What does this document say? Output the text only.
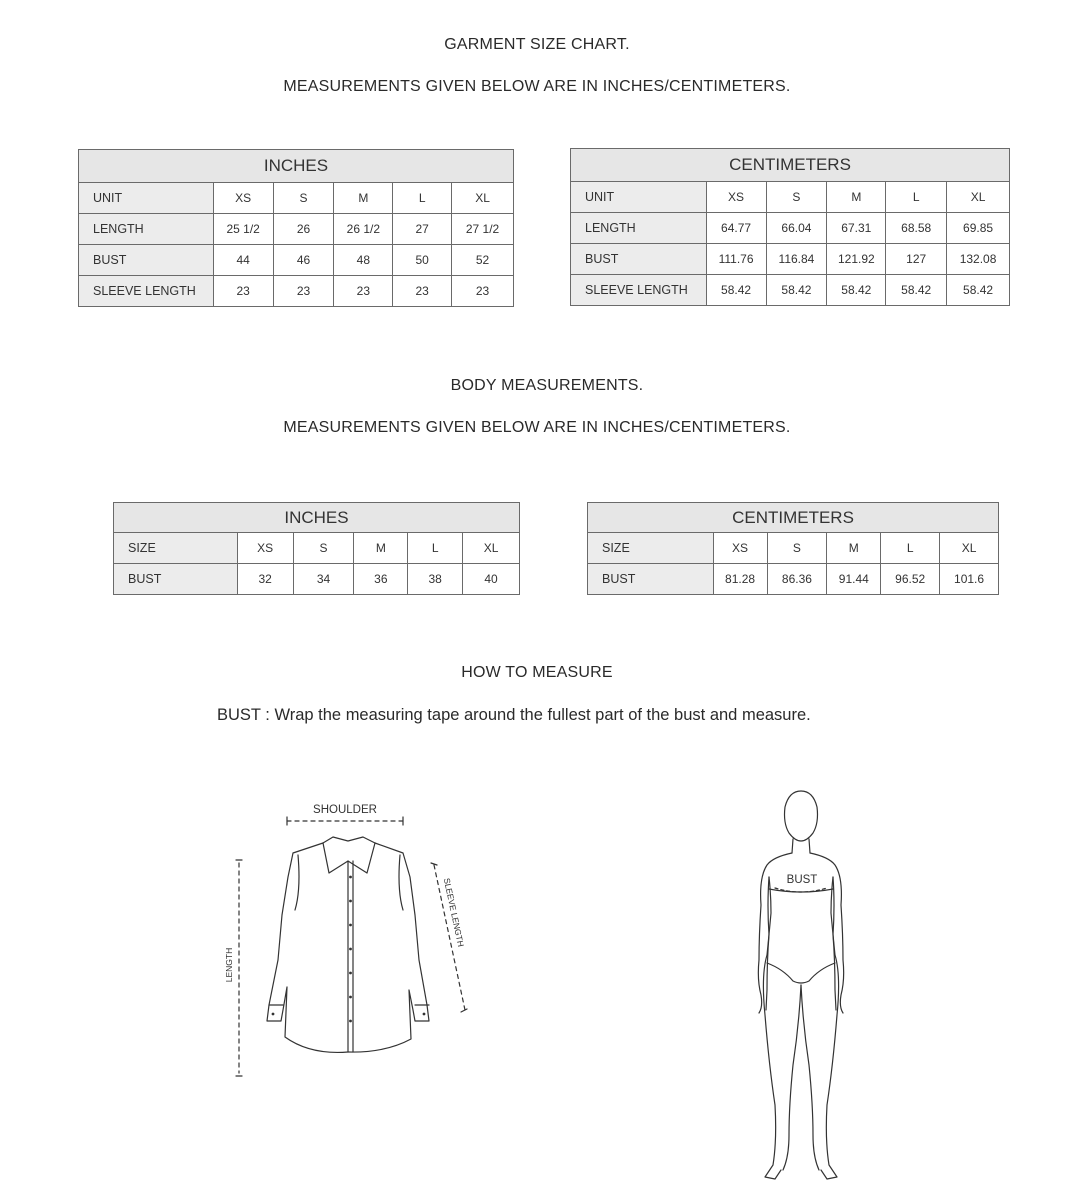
GARMENT SIZE CHART.
MEASUREMENTS GIVEN BELOW ARE IN INCHES/CENTIMETERS.
INCHES					
UNIT	XS	S	M	L	XL
LENGTH	25 1/2	26	26 1/2	27	27 1/2
BUST	44	46	48	50	52
SLEEVE LENGTH	23	23	23	23	23
CENTIMETERS					
UNIT	XS	S	M	L	XL
LENGTH	64.77	66.04	67.31	68.58	69.85
BUST	111.76	116.84	121.92	127	132.08
SLEEVE LENGTH	58.42	58.42	58.42	58.42	58.42
BODY MEASUREMENTS.
MEASUREMENTS GIVEN BELOW ARE IN INCHES/CENTIMETERS.
INCHES					
SIZE	XS	S	M	L	XL
BUST	32	34	36	38	40
CENTIMETERS					
SIZE	XS	S	M	L	XL
BUST	81.28	86.36	91.44	96.52	101.6
HOW TO MEASURE
BUST : Wrap the measuring tape around the fullest part of the bust and measure.
SHOULDER
LENGTH
SLEEVE LENGTH	BUST
